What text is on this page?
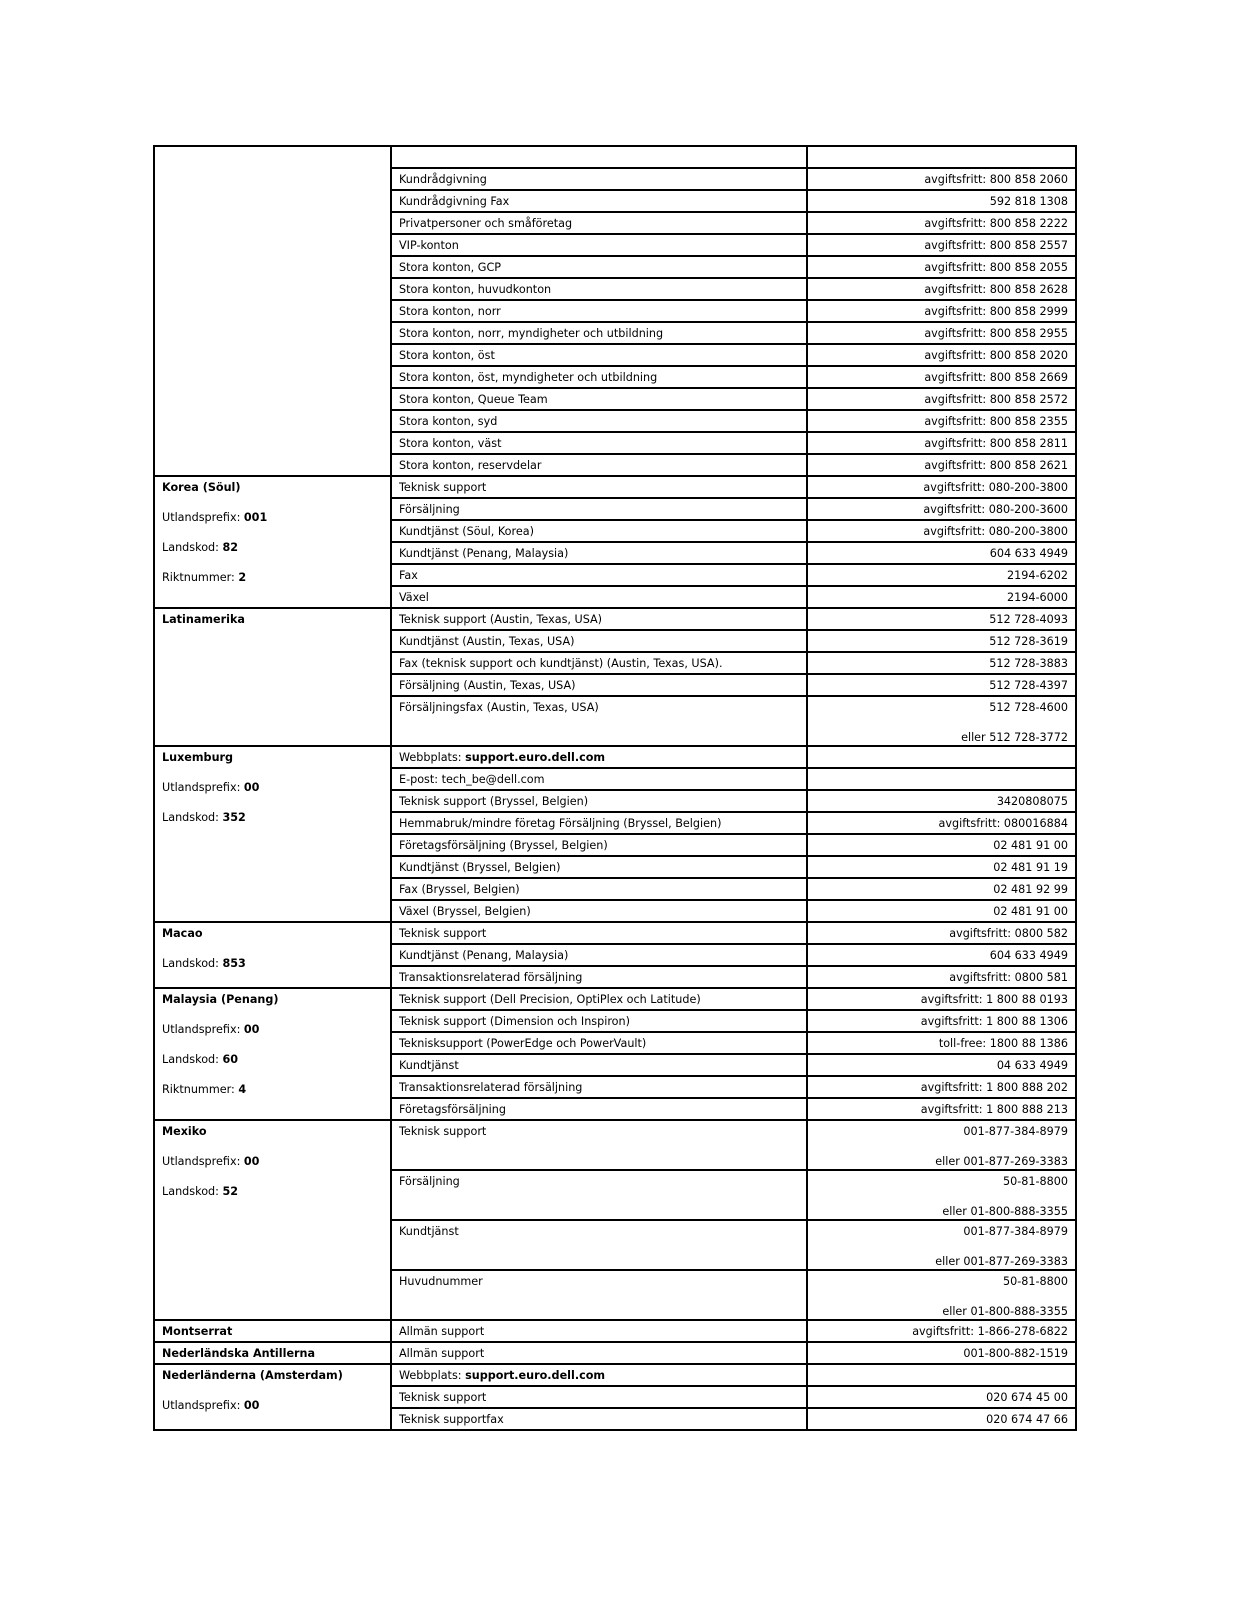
	Kundrådgivning	avgiftsfritt: 800 858 2060
	Kundrådgivning Fax	592 818 1308
	Privatpersoner och småföretag	avgiftsfritt: 800 858 2222
	VIP-konton	avgiftsfritt: 800 858 2557
	Stora konton, GCP	avgiftsfritt: 800 858 2055
	Stora konton, huvudkonton	avgiftsfritt: 800 858 2628
	Stora konton, norr	avgiftsfritt: 800 858 2999
	Stora konton, norr, myndigheter och utbildning	avgiftsfritt: 800 858 2955
	Stora konton, öst	avgiftsfritt: 800 858 2020
	Stora konton, öst, myndigheter och utbildning	avgiftsfritt: 800 858 2669
	Stora konton, Queue Team	avgiftsfritt: 800 858 2572
	Stora konton, syd	avgiftsfritt: 800 858 2355
	Stora konton, väst	avgiftsfritt: 800 858 2811
	Stora konton, reservdelar	avgiftsfritt: 800 858 2621

Korea (Söul)
Utlandsprefix: 001
Landskod: 82
Riktnummer: 2	Teknisk support	avgiftsfritt: 080-200-3800
	Försäljning	avgiftsfritt: 080-200-3600
	Kundtjänst (Söul, Korea)	avgiftsfritt: 080-200-3800
	Kundtjänst (Penang, Malaysia)	604 633 4949
	Fax	2194-6202
	Växel	2194-6000

Latinamerika	Teknisk support (Austin, Texas, USA)	512 728-4093
	Kundtjänst (Austin, Texas, USA)	512 728-3619
	Fax (teknisk support och kundtjänst) (Austin, Texas, USA).	512 728-3883
	Försäljning (Austin, Texas, USA)	512 728-4397
	Försäljningsfax (Austin, Texas, USA)	512 728-4600
eller 512 728-3772

Luxemburg
Utlandsprefix: 00
Landskod: 352	Webbplats: support.euro.dell.com	
	E-post: tech_be@dell.com	
	Teknisk support (Bryssel, Belgien)	3420808075
	Hemmabruk/mindre företag Försäljning (Bryssel, Belgien)	avgiftsfritt: 080016884
	Företagsförsäljning (Bryssel, Belgien)	02 481 91 00
	Kundtjänst (Bryssel, Belgien)	02 481 91 19
	Fax (Bryssel, Belgien)	02 481 92 99
	Växel (Bryssel, Belgien)	02 481 91 00

Macao
Landskod: 853	Teknisk support	avgiftsfritt: 0800 582
	Kundtjänst (Penang, Malaysia)	604 633 4949
	Transaktionsrelaterad försäljning	avgiftsfritt: 0800 581

Malaysia (Penang)
Utlandsprefix: 00
Landskod: 60
Riktnummer: 4	Teknisk support (Dell Precision, OptiPlex och Latitude)	avgiftsfritt: 1 800 88 0193
	Teknisk support (Dimension och Inspiron)	avgiftsfritt: 1 800 88 1306
	Teknisksupport (PowerEdge och PowerVault)	toll-free: 1800 88 1386
	Kundtjänst	04 633 4949
	Transaktionsrelaterad försäljning	avgiftsfritt: 1 800 888 202
	Företagsförsäljning	avgiftsfritt: 1 800 888 213

Mexiko
Utlandsprefix: 00
Landskod: 52	Teknisk support	001-877-384-8979
eller 001-877-269-3383

	Försäljning	50-81-8800
eller 01-800-888-3355

	Kundtjänst	001-877-384-8979
eller 001-877-269-3383

	Huvudnummer	50-81-8800
eller 01-800-888-3355

Montserrat	Allmän support	avgiftsfritt: 1-866-278-6822

Nederländska Antillerna	Allmän support	001-800-882-1519

Nederländerna (Amsterdam)
Utlandsprefix: 00	Webbplats: support.euro.dell.com	
	Teknisk support	020 674 45 00
	Teknisk supportfax	020 674 47 66
